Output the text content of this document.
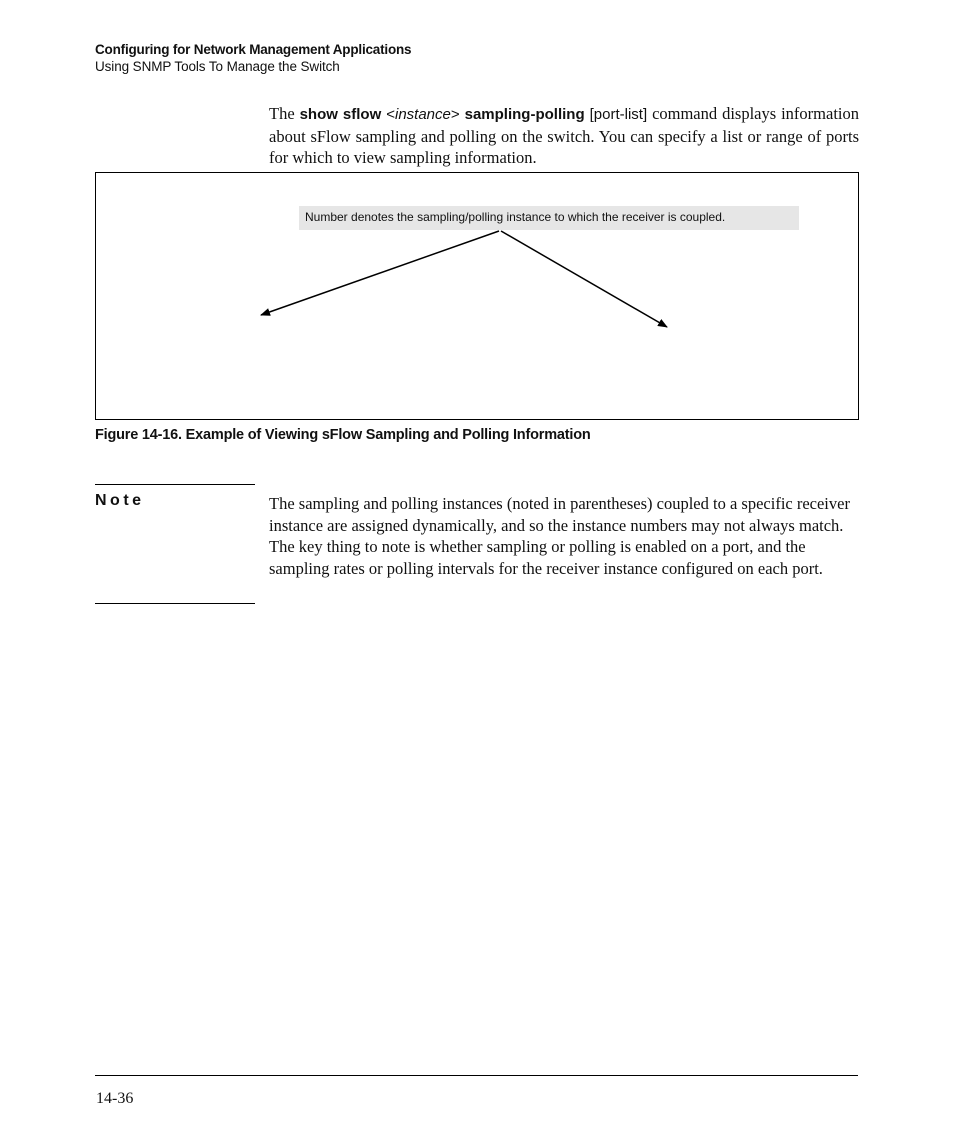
Configuring for Network Management Applications
Using SNMP Tools To Manage the Switch

The show sflow <instance> sampling-polling [port-list] command displays information about sFlow sampling and polling on the switch. You can specify a list or range of ports for which to view sampling information.

Number denotes the sampling/polling instance to which the receiver is coupled.
Figure 14-16. Example of Viewing sFlow Sampling and Polling Information
Note	The sampling and polling instances (noted in parentheses) coupled to a specific receiver instance are assigned dynamically, and so the instance numbers may not always match. The key thing to note is whether sampling or polling is enabled on a port, and the sampling rates or polling intervals for the receiver instance configured on each port.

14-36
